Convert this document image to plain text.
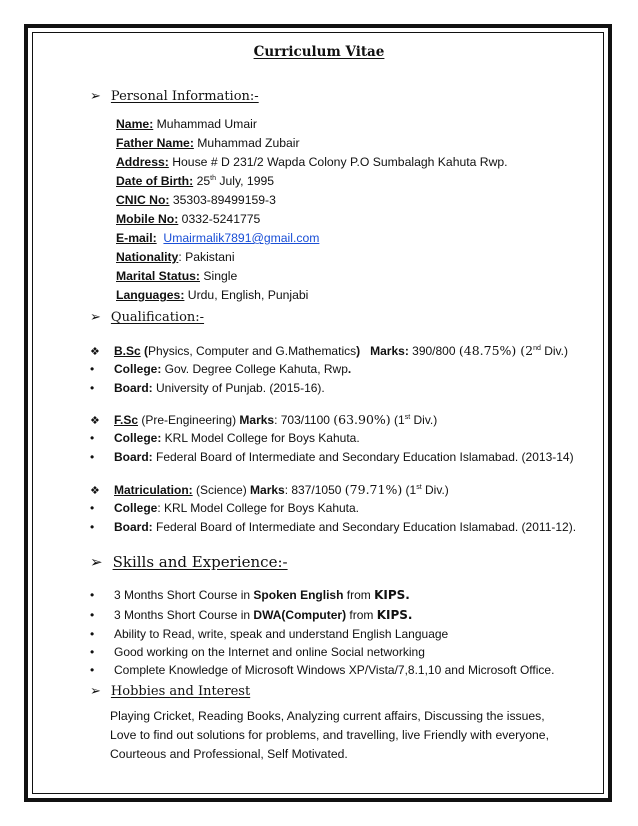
Curriculum Vitae
➢ Personal Information:-
Name: Muhammad Umair
Father Name: Muhammad Zubair
Address: House # D 231/2 Wapda Colony P.O Sumbalagh Kahuta Rwp.
Date of Birth: 25th July, 1995
CNIC No: 35303-89499159-3
Mobile No: 0332-5241775
E-mail: Umairmalik7891@gmail.com
Nationality: Pakistani
Marital Status: Single
Languages: Urdu, English, Punjabi
➢ Qualification:-
❖ B.Sc (Physics, Computer and G.Mathematics) Marks: 390/800 (48.75%) (2nd Div.)
• College: Gov. Degree College Kahuta, Rwp.
• Board: University of Punjab. (2015-16).
❖ F.Sc (Pre-Engineering) Marks: 703/1100 (63.90%) (1st Div.)
• College: KRL Model College for Boys Kahuta.
• Board: Federal Board of Intermediate and Secondary Education Islamabad. (2013-14)
❖ Matriculation: (Science) Marks: 837/1050 (79.71%) (1st Div.)
• College: KRL Model College for Boys Kahuta.
• Board: Federal Board of Intermediate and Secondary Education Islamabad. (2011-12).
➢ Skills and Experience:-
• 3 Months Short Course in Spoken English from KIPS.
• 3 Months Short Course in DWA(Computer) from KIPS.
• Ability to Read, write, speak and understand English Language
• Good working on the Internet and online Social networking
• Complete Knowledge of Microsoft Windows XP/Vista/7,8.1,10 and Microsoft Office.
➢ Hobbies and Interest
Playing Cricket, Reading Books, Analyzing current affairs, Discussing the issues, Love to find out solutions for problems, and travelling, live Friendly with everyone, Courteous and Professional, Self Motivated.
